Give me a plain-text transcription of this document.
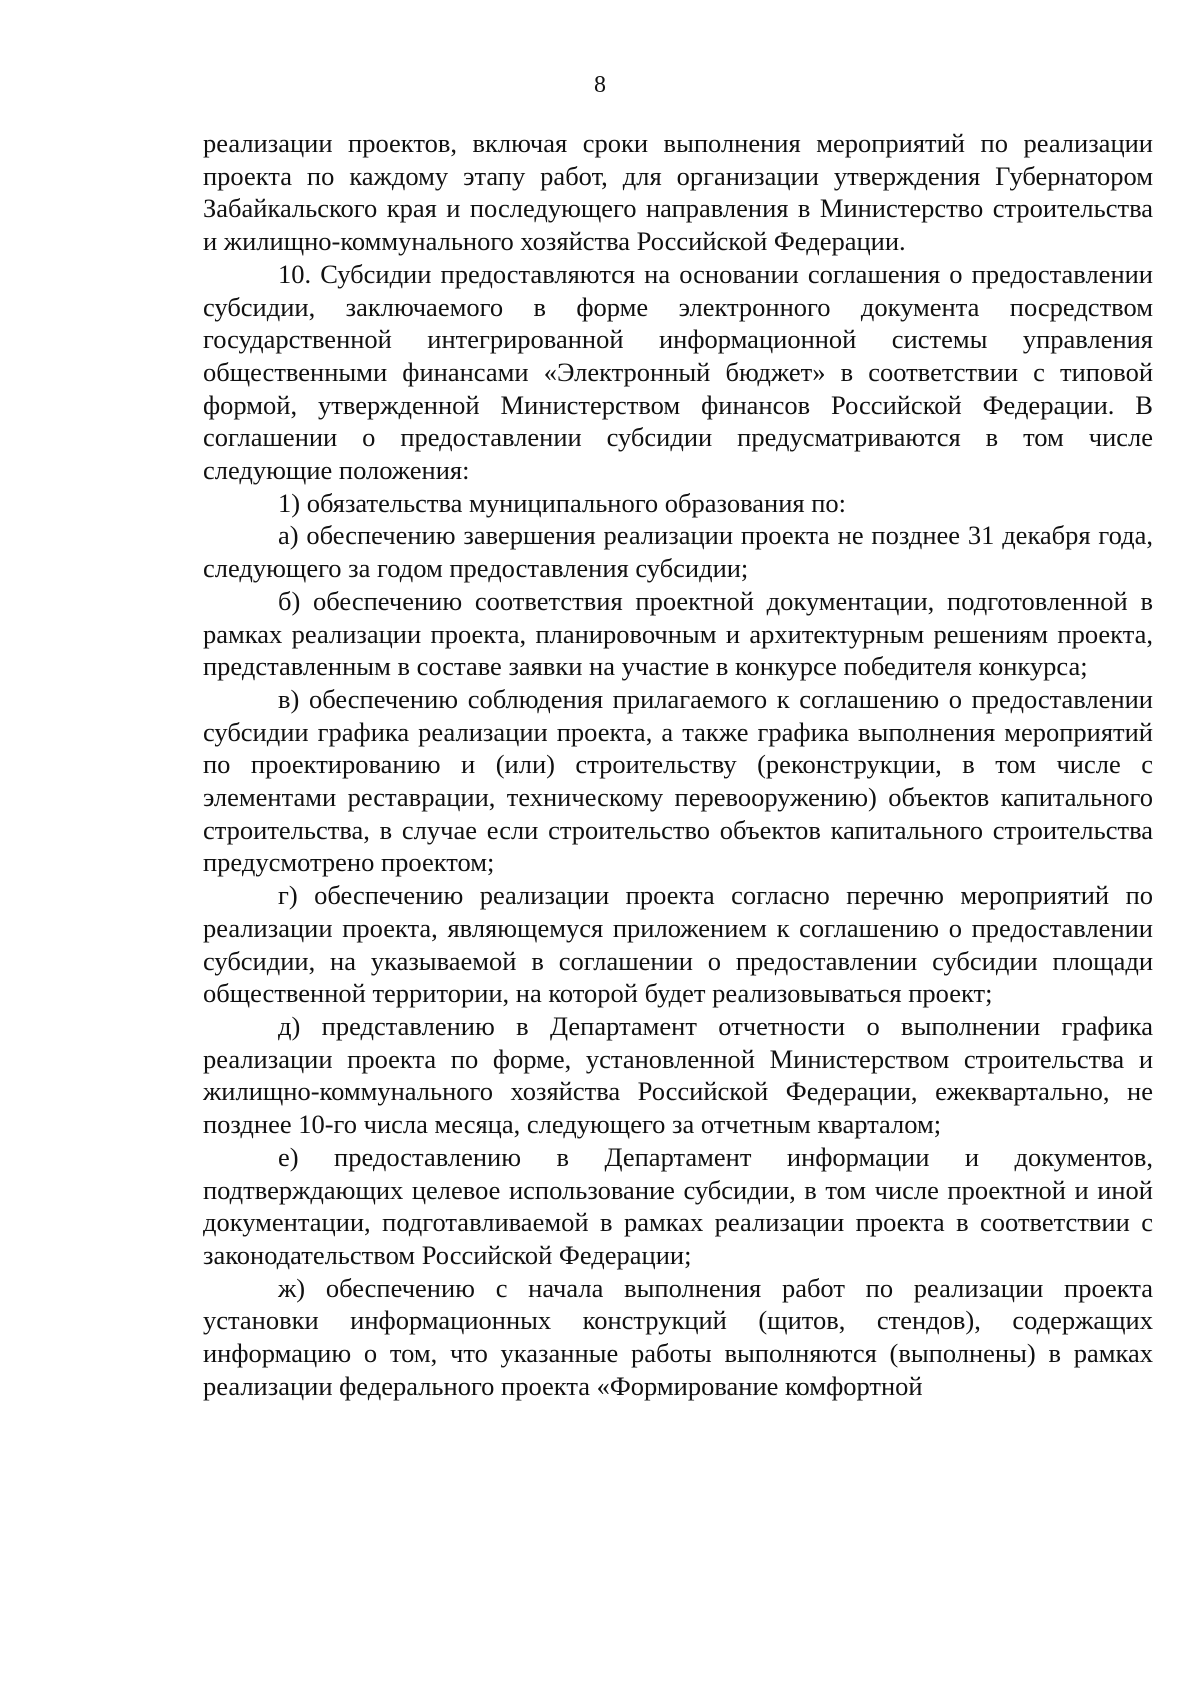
8

реализации проектов, включая сроки выполнения мероприятий по реализации проекта по каждому этапу работ, для организации утверждения Губернатором Забайкальского края и последующего направления в Министерство строительства и жилищно-коммунального хозяйства Российской Федерации.

10. Субсидии предоставляются на основании соглашения о предоставлении субсидии, заключаемого в форме электронного документа посредством государственной интегрированной информационной системы управления общественными финансами «Электронный бюджет» в соответствии с типовой формой, утвержденной Министерством финансов Российской Федерации. В соглашении о предоставлении субсидии предусматриваются в том числе следующие положения:

1) обязательства муниципального образования по:

а) обеспечению завершения реализации проекта не позднее 31 декабря года, следующего за годом предоставления субсидии;

б) обеспечению соответствия проектной документации, подготовленной в рамках реализации проекта, планировочным и архитектурным решениям проекта, представленным в составе заявки на участие в конкурсе победителя конкурса;

в) обеспечению соблюдения прилагаемого к соглашению о предоставлении субсидии графика реализации проекта, а также графика выполнения мероприятий по проектированию и (или) строительству (реконструкции, в том числе с элементами реставрации, техническому перевооружению) объектов капитального строительства, в случае если строительство объектов капитального строительства предусмотрено проектом;

г) обеспечению реализации проекта согласно перечню мероприятий по реализации проекта, являющемуся приложением к соглашению о предоставлении субсидии, на указываемой в соглашении о предоставлении субсидии площади общественной территории, на которой будет реализовываться проект;

д) представлению в Департамент отчетности о выполнении графика реализации проекта по форме, установленной Министерством строительства и жилищно-коммунального хозяйства Российской Федерации, ежеквартально, не позднее 10-го числа месяца, следующего за отчетным кварталом;

е) предоставлению в Департамент информации и документов, подтверждающих целевое использование субсидии, в том числе проектной и иной документации, подготавливаемой в рамках реализации проекта в соответствии с законодательством Российской Федерации;

ж) обеспечению с начала выполнения работ по реализации проекта установки информационных конструкций (щитов, стендов), содержащих информацию о том, что указанные работы выполняются (выполнены) в рамках реализации федерального проекта «Формирование комфортной
